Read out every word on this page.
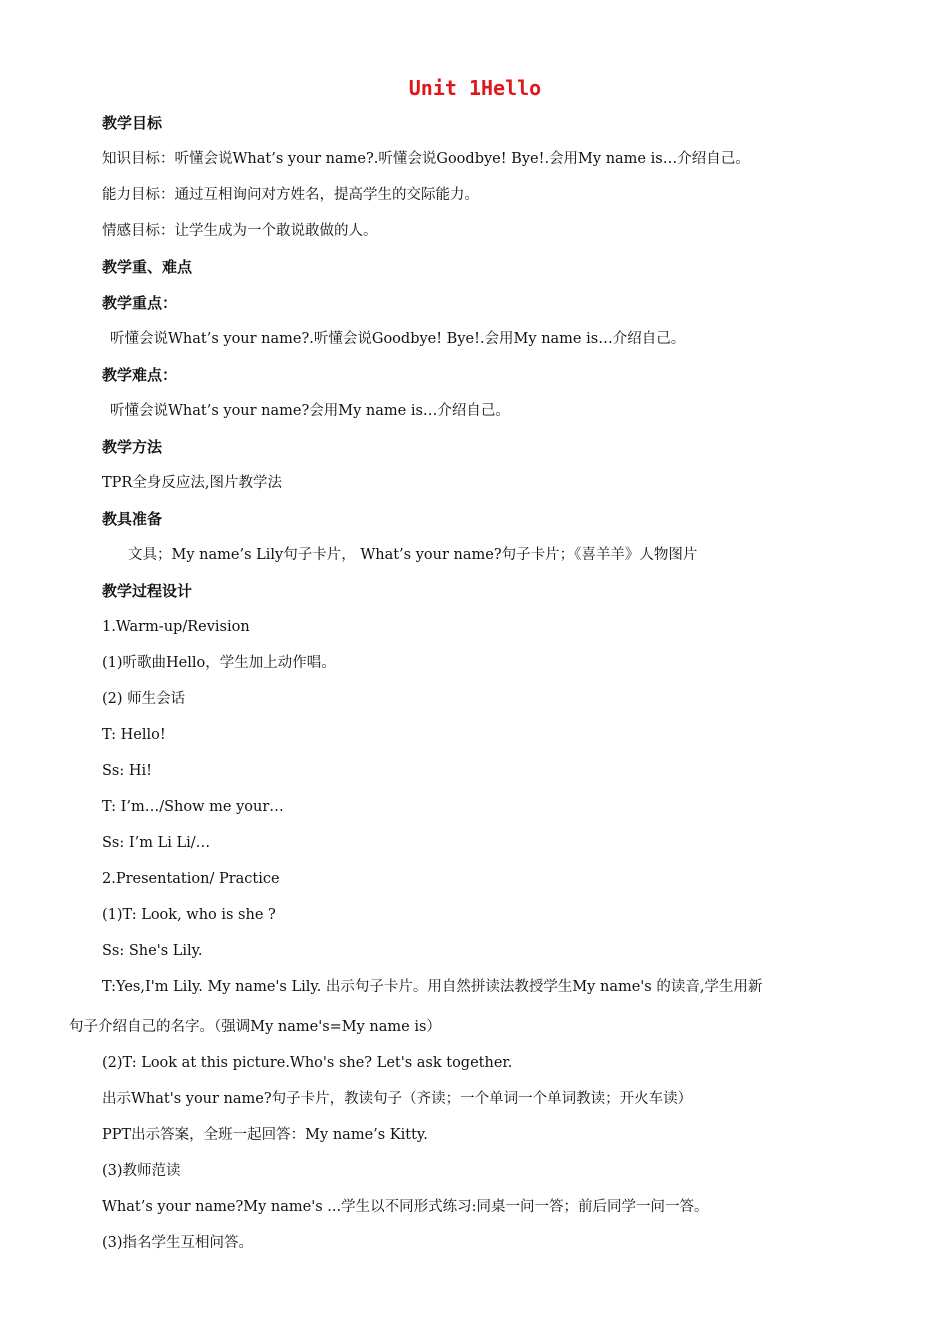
Unit 1Hello
教学目标
知识目标：听懂会说What’s your name?.听懂会说Goodbye! Bye!.会用My name is…介绍自己。
能力目标：通过互相询问对方姓名，提高学生的交际能力。
情感目标：让学生成为一个敢说敢做的人。
教学重、难点
教学重点：
听懂会说What’s your name?.听懂会说Goodbye! Bye!.会用My name is…介绍自己。
教学难点：
听懂会说What’s your name?会用My name is…介绍自己。
教学方法
TPR全身反应法,图片教学法
教具准备
文具；My name’s Lily句子卡片， What’s your name?句子卡片；《喜羊羊》人物图片
教学过程设计
1.Warm-up/Revision
(1)听歌曲Hello，学生加上动作唱。
(2) 师生会话
T: Hello!
Ss: Hi!
T: I’m…/Show me your…
Ss: I’m Li Li/…
2.Presentation/ Practice
(1)T: Look, who is she ?
Ss: She's Lily.
T:Yes,I'm Lily. My name's Lily. 出示句子卡片。用自然拼读法教授学生My name's 的读音,学生用新
句子介绍自己的名字。（强调My name's=My name is）
(2)T: Look at this picture.Who's she? Let's ask together.
出示What's your name?句子卡片，教读句子（齐读；一个单词一个单词教读；开火车读）
PPT出示答案，全班一起回答：My name’s Kitty.
(3)教师范读
What’s your name?My name's ...学生以不同形式练习:同桌一问一答；前后同学一问一答。
(3)指名学生互相问答。
